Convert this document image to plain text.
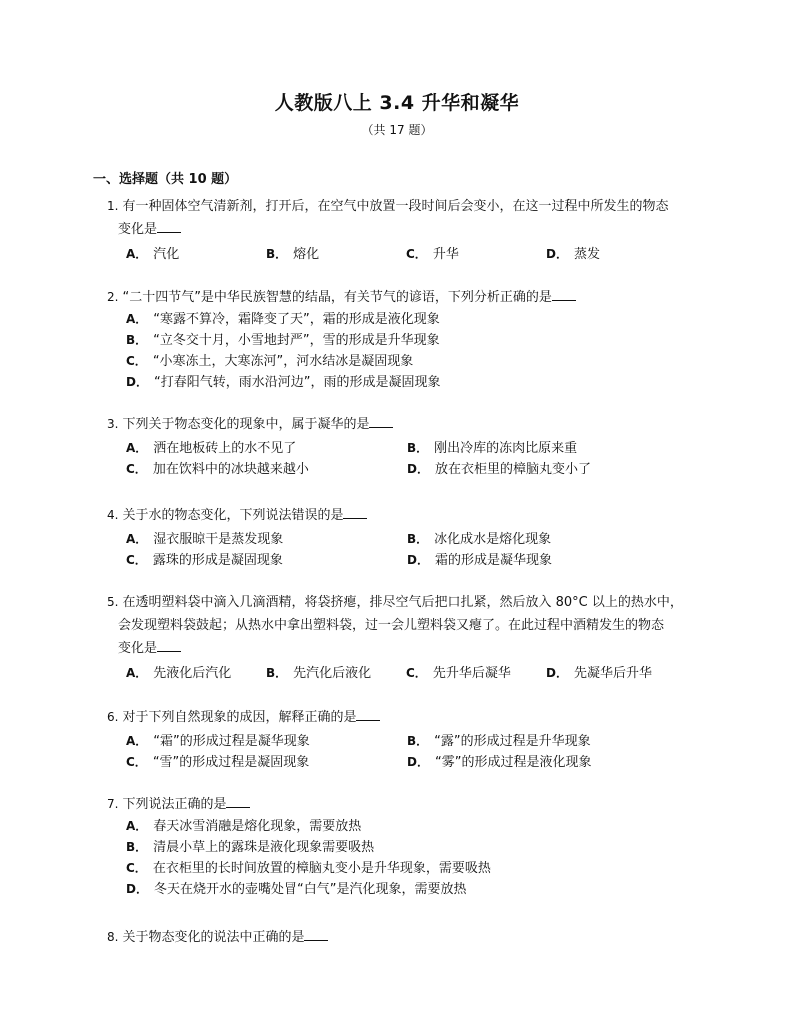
人教版八上 3.4 升华和凝华
（共 17 题）
一、选择题（共 10 题）
1. 有一种固体空气清新剂，打开后，在空气中放置一段时间后会变小，在这一过程中所发生的物态
变化是
A． 汽化	B． 熔化	C． 升华	D． 蒸发
2. “二十四节气”是中华民族智慧的结晶，有关节气的谚语，下列分析正确的是
A． “寒露不算冷，霜降变了天”，霜的形成是液化现象
B． “立冬交十月，小雪地封严”，雪的形成是升华现象
C． “小寒冻土，大寒冻河”，河水结冰是凝固现象
D． “打春阳气转，雨水沿河边”，雨的形成是凝固现象
3. 下列关于物态变化的现象中，属于凝华的是
A． 洒在地板砖上的水不见了	B． 刚出冷库的冻肉比原来重
C． 加在饮料中的冰块越来越小	D． 放在衣柜里的樟脑丸变小了
4. 关于水的物态变化，下列说法错误的是
A． 湿衣服晾干是蒸发现象	B． 冰化成水是熔化现象
C． 露珠的形成是凝固现象	D． 霜的形成是凝华现象
5. 在透明塑料袋中滴入几滴酒精，将袋挤瘪，排尽空气后把口扎紧，然后放入 80°C 以上的热水中，
会发现塑料袋鼓起；从热水中拿出塑料袋，过一会儿塑料袋又瘪了。在此过程中酒精发生的物态
变化是
A． 先液化后汽化	B． 先汽化后液化	C． 先升华后凝华	D． 先凝华后升华
6. 对于下列自然现象的成因，解释正确的是
A． “霜”的形成过程是凝华现象	B． “露”的形成过程是升华现象
C． “雪”的形成过程是凝固现象	D． “雾”的形成过程是液化现象
7. 下列说法正确的是
A． 春天冰雪消融是熔化现象，需要放热
B． 清晨小草上的露珠是液化现象需要吸热
C． 在衣柜里的长时间放置的樟脑丸变小是升华现象，需要吸热
D． 冬天在烧开水的壶嘴处冒“白气”是汽化现象，需要放热
8. 关于物态变化的说法中正确的是
